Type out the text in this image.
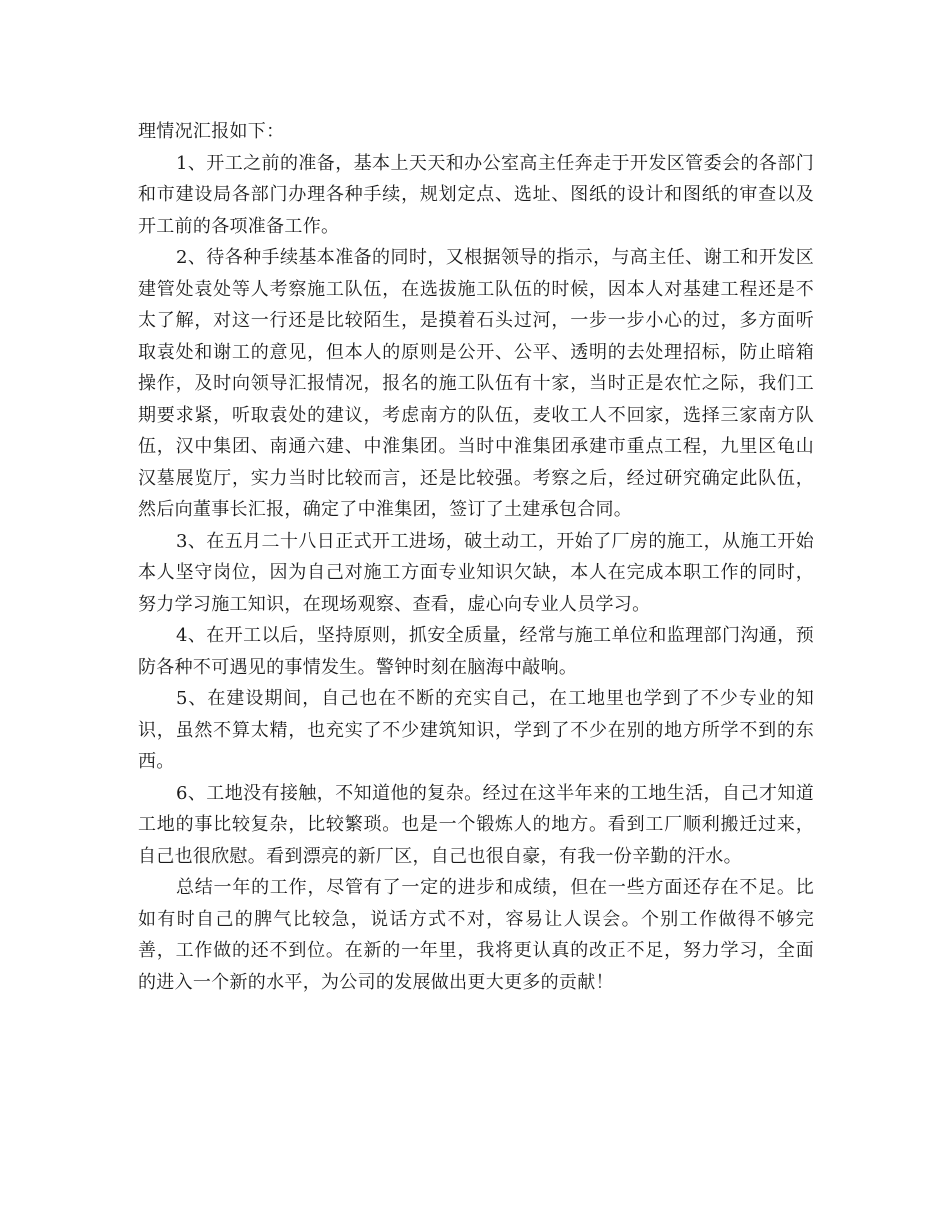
理情况汇报如下：

1、开工之前的准备，基本上天天和办公室高主任奔走于开发区管委会的各部门和市建设局各部门办理各种手续，规划定点、选址、图纸的设计和图纸的审查以及开工前的各项准备工作。

2、待各种手续基本准备的同时，又根据领导的指示，与高主任、谢工和开发区建管处袁处等人考察施工队伍，在选拔施工队伍的时候，因本人对基建工程还是不太了解，对这一行还是比较陌生，是摸着石头过河，一步一步小心的过，多方面听取袁处和谢工的意见，但本人的原则是公开、公平、透明的去处理招标，防止暗箱操作，及时向领导汇报情况，报名的施工队伍有十家，当时正是农忙之际，我们工期要求紧，听取袁处的建议，考虑南方的队伍，麦收工人不回家，选择三家南方队伍，汉中集团、南通六建、中淮集团。当时中淮集团承建市重点工程，九里区龟山汉墓展览厅，实力当时比较而言，还是比较强。考察之后，经过研究确定此队伍，然后向董事长汇报，确定了中淮集团，签订了土建承包合同。

3、在五月二十八日正式开工进场，破土动工，开始了厂房的施工，从施工开始本人坚守岗位，因为自己对施工方面专业知识欠缺，本人在完成本职工作的同时，努力学习施工知识，在现场观察、查看，虚心向专业人员学习。

4、在开工以后，坚持原则，抓安全质量，经常与施工单位和监理部门沟通，预防各种不可遇见的事情发生。警钟时刻在脑海中敲响。

5、在建设期间，自己也在不断的充实自己，在工地里也学到了不少专业的知识，虽然不算太精，也充实了不少建筑知识，学到了不少在别的地方所学不到的东西。

6、工地没有接触，不知道他的复杂。经过在这半年来的工地生活，自己才知道工地的事比较复杂，比较繁琐。也是一个锻炼人的地方。看到工厂顺利搬迁过来，自己也很欣慰。看到漂亮的新厂区，自己也很自豪，有我一份辛勤的汗水。

总结一年的工作，尽管有了一定的进步和成绩，但在一些方面还存在不足。比如有时自己的脾气比较急，说话方式不对，容易让人误会。个别工作做得不够完善，工作做的还不到位。在新的一年里，我将更认真的改正不足，努力学习，全面的进入一个新的水平，为公司的发展做出更大更多的贡献！
